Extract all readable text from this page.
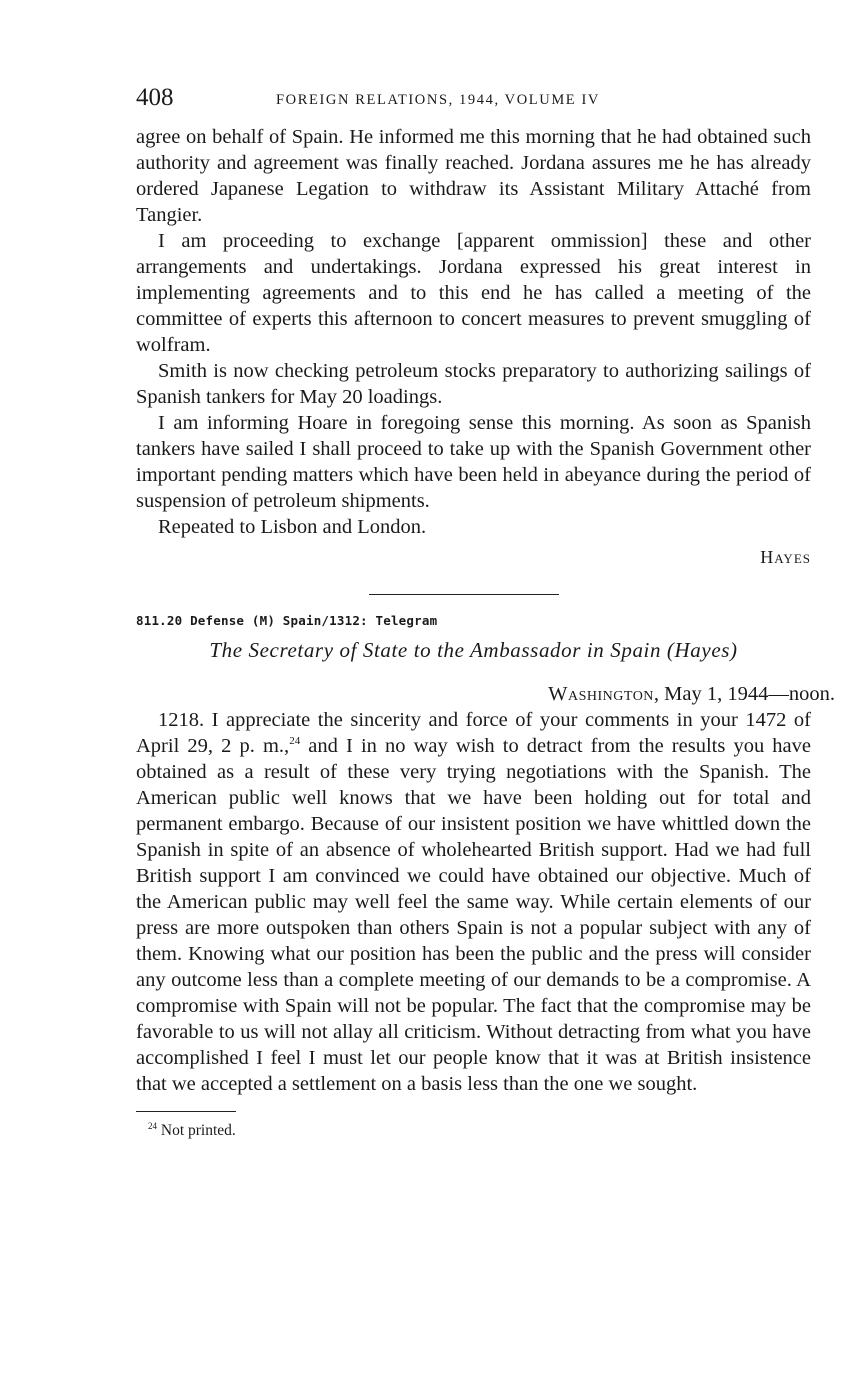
408	FOREIGN RELATIONS, 1944, VOLUME IV

agree on behalf of Spain. He informed me this morning that he had obtained such authority and agreement was finally reached. Jordana assures me he has already ordered Japanese Legation to withdraw its Assistant Military Attaché from Tangier.

I am proceeding to exchange [apparent ommission] these and other arrangements and undertakings. Jordana expressed his great interest in implementing agreements and to this end he has called a meeting of the committee of experts this afternoon to concert measures to prevent smuggling of wolfram.

Smith is now checking petroleum stocks preparatory to authorizing sailings of Spanish tankers for May 20 loadings.

I am informing Hoare in foregoing sense this morning. As soon as Spanish tankers have sailed I shall proceed to take up with the Spanish Government other important pending matters which have been held in abeyance during the period of suspension of petroleum shipments.

Repeated to Lisbon and London.

Hayes
811.20 Defense (M) Spain/1312: Telegram
The Secretary of State to the Ambassador in Spain (Hayes)
Washington, May 1, 1944—noon.

1218. I appreciate the sincerity and force of your comments in your 1472 of April 29, 2 p. m.,$^{24}$ and I in no way wish to detract from the results you have obtained as a result of these very trying negotiations with the Spanish. The American public well knows that we have been holding out for total and permanent embargo. Because of our insistent position we have whittled down the Spanish in spite of an absence of wholehearted British support. Had we had full British support I am convinced we could have obtained our objective. Much of the American public may well feel the same way. While certain elements of our press are more outspoken than others Spain is not a popular subject with any of them. Knowing what our position has been the public and the press will consider any outcome less than a complete meeting of our demands to be a compromise. A compromise with Spain will not be popular. The fact that the compromise may be favorable to us will not allay all criticism. Without detracting from what you have accomplished I feel I must let our people know that it was at British insistence that we accepted a settlement on a basis less than the one we sought.

$^{24}$ Not printed.
